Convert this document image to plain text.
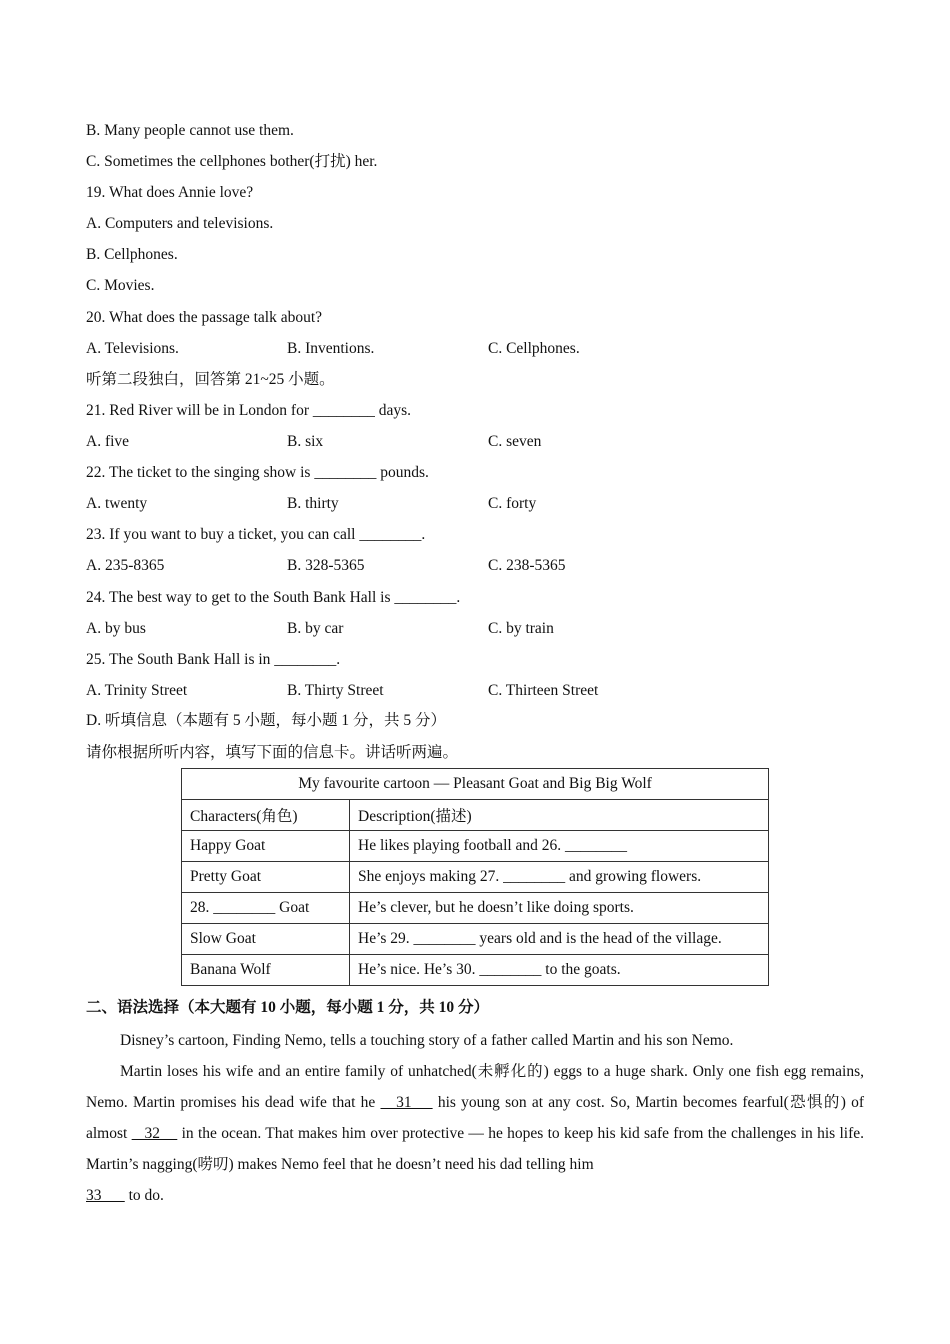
B. Many people cannot use them.
C. Sometimes the cellphones bother(打扰) her.
19. What does Annie love?
A. Computers and televisions.
B. Cellphones.
C. Movies.
20. What does the passage talk about?
A. Televisions.	B. Inventions.	C. Cellphones.
听第二段独白，回答第 21~25 小题。
21. Red River will be in London for ________ days.
A. five	B. six	C. seven
22. The ticket to the singing show is ________ pounds.
A. twenty	B. thirty	C. forty
23. If you want to buy a ticket, you can call ________.
A. 235-8365	B. 328-5365	C. 238-5365
24. The best way to get to the South Bank Hall is ________.
A. by bus	B. by car	C. by train
25. The South Bank Hall is in ________.
A. Trinity Street	B. Thirty Street	C. Thirteen Street
D. 听填信息（本题有 5 小题，每小题 1 分，共 5 分）
请你根据所听内容，填写下面的信息卡。讲话听两遍。
My favourite cartoon — Pleasant Goat and Big Big Wolf	
Characters(角色)	Description(描述)
Happy Goat	He likes playing football and 26. ________
Pretty Goat	She enjoys making 27. ________ and growing flowers.
28. ________ Goat	He’s clever, but he doesn’t like doing sports.
Slow Goat	He’s 29. ________ years old and is the head of the village.
Banana Wolf	He’s nice. He’s 30. ________ to the goats.
二、语法选择（本大题有 10 小题，每小题 1 分，共 10 分）
Disney’s cartoon, Finding Nemo, tells a touching story of a father called Martin and his son Nemo.
Martin loses his wife and an entire family of unhatched(未孵化的) eggs to a huge shark. Only one fish egg remains, Nemo. Martin promises his dead wife that he    31     his young son at any cost. So, Martin becomes fearful(恐惧的) of almost    32     in the ocean. That makes him over protective — he hopes to keep his kid safe from the challenges in his life. Martin’s nagging(唠叨) makes Nemo feel that he doesn’t need his dad telling him
33       to do.
